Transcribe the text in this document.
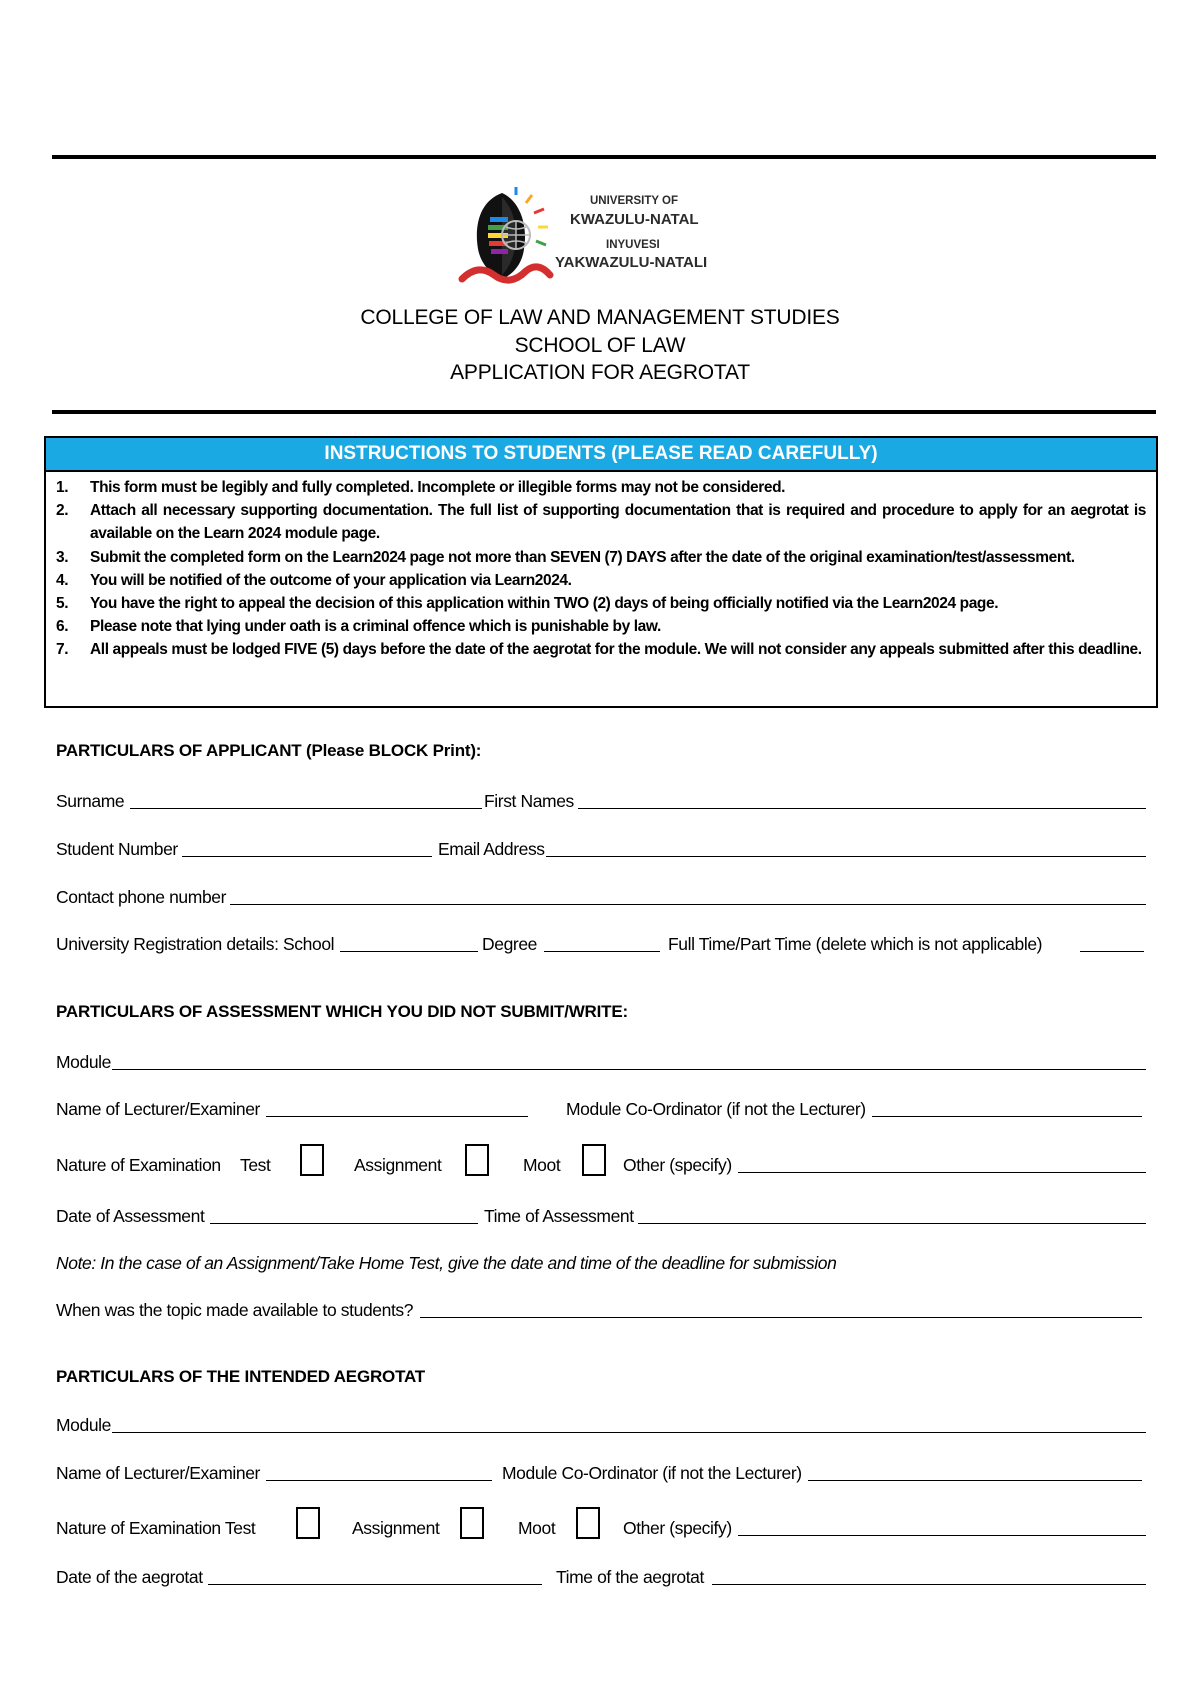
UNIVERSITY OF
KWAZULU-NATAL
INYUVESI
YAKWAZULU-NATALI
COLLEGE OF LAW AND MANAGEMENT STUDIES
SCHOOL OF LAW
APPLICATION FOR AEGROTAT
INSTRUCTIONS TO STUDENTS (PLEASE READ CAREFULLY)
1. This form must be legibly and fully completed. Incomplete or illegible forms may not be considered.
2. Attach all necessary supporting documentation. The full list of supporting documentation that is required and procedure to apply for an aegrotat is available on the Learn 2024 module page.
3. Submit the completed form on the Learn2024 page not more than SEVEN (7) DAYS after the date of the original examination/test/assessment.
4. You will be notified of the outcome of your application via Learn2024.
5. You have the right to appeal the decision of this application within TWO (2) days of being officially notified via the Learn2024 page.
6. Please note that lying under oath is a criminal offence which is punishable by law.
7. All appeals must be lodged FIVE (5) days before the date of the aegrotat for the module. We will not consider any appeals submitted after this deadline.
PARTICULARS OF APPLICANT (Please BLOCK Print):
Surname	First Names
Student Number	Email Address
Contact phone number
University Registration details: School	Degree	Full Time/Part Time (delete which is not applicable)
PARTICULARS OF ASSESSMENT WHICH YOU DID NOT SUBMIT/WRITE:
Module
Name of Lecturer/Examiner	Module Co-Ordinator (if not the Lecturer)
Nature of Examination Test	Assignment	Moot	Other (specify)
Date of Assessment	Time of Assessment
Note: In the case of an Assignment/Take Home Test, give the date and time of the deadline for submission
When was the topic made available to students?
PARTICULARS OF THE INTENDED AEGROTAT
Module
Name of Lecturer/Examiner	Module Co-Ordinator (if not the Lecturer)
Nature of Examination Test	Assignment	Moot	Other (specify)
Date of the aegrotat	Time of the aegrotat
